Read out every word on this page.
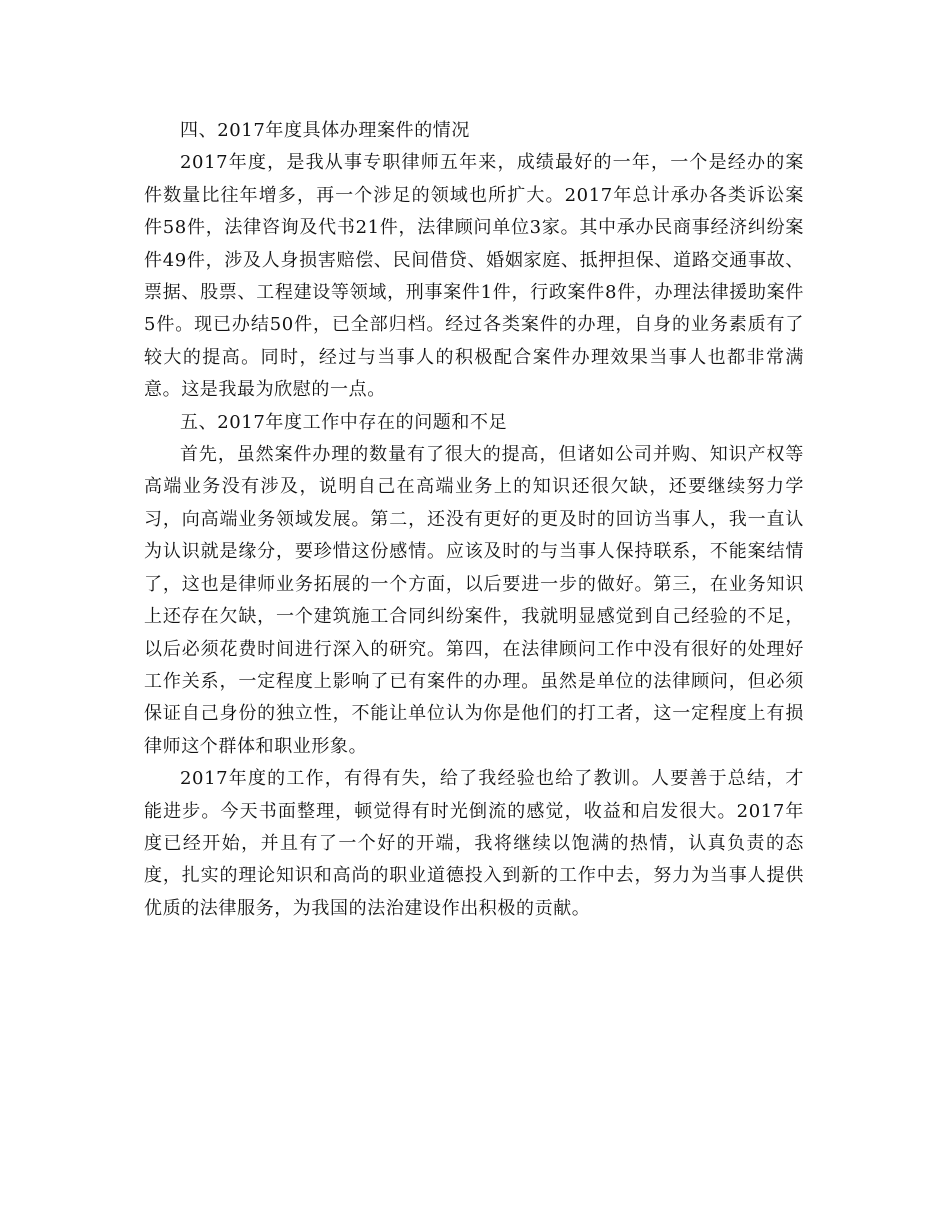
四、2017年度具体办理案件的情况

2017年度，是我从事专职律师五年来，成绩最好的一年，一个是经办的案件数量比往年增多，再一个涉足的领域也所扩大。2017年总计承办各类诉讼案件58件，法律咨询及代书21件，法律顾问单位3家。其中承办民商事经济纠纷案件49件，涉及人身损害赔偿、民间借贷、婚姻家庭、抵押担保、道路交通事故、票据、股票、工程建设等领域，刑事案件1件，行政案件8件，办理法律援助案件5件。现已办结50件，已全部归档。经过各类案件的办理，自身的业务素质有了较大的提高。同时，经过与当事人的积极配合案件办理效果当事人也都非常满意。这是我最为欣慰的一点。

五、2017年度工作中存在的问题和不足

首先，虽然案件办理的数量有了很大的提高，但诸如公司并购、知识产权等高端业务没有涉及，说明自己在高端业务上的知识还很欠缺，还要继续努力学习，向高端业务领域发展。第二，还没有更好的更及时的回访当事人，我一直认为认识就是缘分，要珍惜这份感情。应该及时的与当事人保持联系，不能案结情了，这也是律师业务拓展的一个方面，以后要进一步的做好。第三，在业务知识上还存在欠缺，一个建筑施工合同纠纷案件，我就明显感觉到自己经验的不足，以后必须花费时间进行深入的研究。第四，在法律顾问工作中没有很好的处理好工作关系，一定程度上影响了已有案件的办理。虽然是单位的法律顾问，但必须保证自己身份的独立性，不能让单位认为你是他们的打工者，这一定程度上有损律师这个群体和职业形象。

2017年度的工作，有得有失，给了我经验也给了教训。人要善于总结，才能进步。今天书面整理，顿觉得有时光倒流的感觉，收益和启发很大。2017年度已经开始，并且有了一个好的开端，我将继续以饱满的热情，认真负责的态度，扎实的理论知识和高尚的职业道德投入到新的工作中去，努力为当事人提供优质的法律服务，为我国的法治建设作出积极的贡献。
